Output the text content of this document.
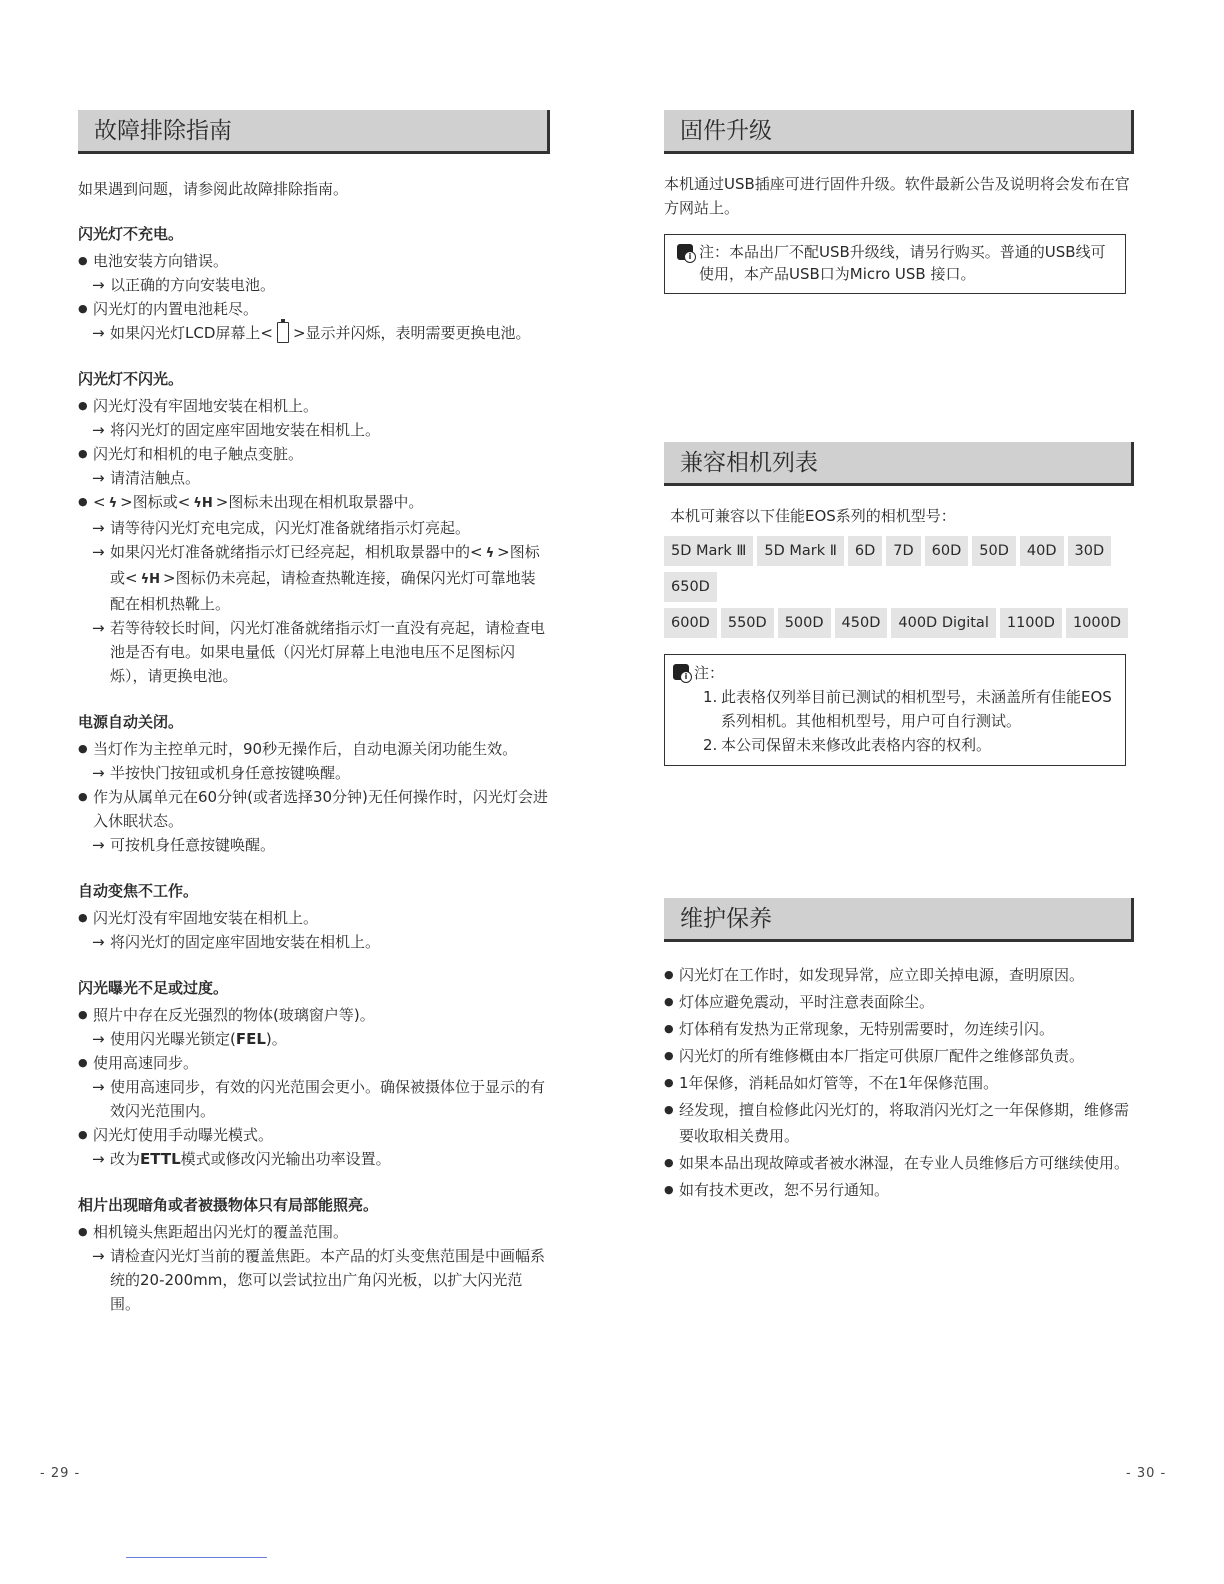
故障排除指南
如果遇到问题，请参阅此故障排除指南。
闪光灯不充电。
● 电池安装方向错误。
→ 以正确的方向安装电池。
● 闪光灯的内置电池耗尽。
→ 如果闪光灯LCD屏幕上< >显示并闪烁，表明需要更换电池。
闪光灯不闪光。
● 闪光灯没有牢固地安装在相机上。
→ 将闪光灯的固定座牢固地安装在相机上。
● 闪光灯和相机的电子触点变脏。
→ 请清洁触点。
● < ϟ >图标或< ϟH >图标未出现在相机取景器中。
→ 请等待闪光灯充电完成，闪光灯准备就绪指示灯亮起。
→ 如果闪光灯准备就绪指示灯已经亮起，相机取景器中的< ϟ >图标或< ϟH >图标仍未亮起，请检查热靴连接，确保闪光灯可靠地装配在相机热靴上。
→ 若等待较长时间，闪光灯准备就绪指示灯一直没有亮起，请检查电池是否有电。如果电量低（闪光灯屏幕上电池电压不足图标闪烁），请更换电池。
电源自动关闭。
● 当灯作为主控单元时，90秒无操作后，自动电源关闭功能生效。
→ 半按快门按钮或机身任意按键唤醒。
● 作为从属单元在60分钟(或者选择30分钟)无任何操作时，闪光灯会进入休眠状态。
→ 可按机身任意按键唤醒。
自动变焦不工作。
● 闪光灯没有牢固地安装在相机上。
→ 将闪光灯的固定座牢固地安装在相机上。
闪光曝光不足或过度。
● 照片中存在反光强烈的物体(玻璃窗户等)。
→ 使用闪光曝光锁定(FEL)。
● 使用高速同步。
→ 使用高速同步，有效的闪光范围会更小。确保被摄体位于显示的有效闪光范围内。
● 闪光灯使用手动曝光模式。
→ 改为ETTL模式或修改闪光输出功率设置。
相片出现暗角或者被摄物体只有局部能照亮。
● 相机镜头焦距超出闪光灯的覆盖范围。
→ 请检查闪光灯当前的覆盖焦距。本产品的灯头变焦范围是中画幅系统的20-200mm，您可以尝试拉出广角闪光板，以扩大闪光范围。
固件升级
本机通过USB插座可进行固件升级。软件最新公告及说明将会发布在官方网站上。
i
注：本品出厂不配USB升级线，请另行购买。普通的USB线可使用，本产品USB口为Micro USB 接口。
兼容相机列表
本机可兼容以下佳能EOS系列的相机型号：
5D Mark Ⅲ 5D Mark Ⅱ 6D 7D 60D 50D 40D 30D650D
600D 550D 500D 450D 400D Digital 1100D 1000D
i注：
1. 此表格仅列举目前已测试的相机型号，未涵盖所有佳能EOS系列相机。其他相机型号，用户可自行测试。
2. 本公司保留未来修改此表格内容的权利。
维护保养
● 闪光灯在工作时，如发现异常，应立即关掉电源，查明原因。
● 灯体应避免震动，平时注意表面除尘。
● 灯体稍有发热为正常现象，无特别需要时，勿连续引闪。
● 闪光灯的所有维修概由本厂指定可供原厂配件之维修部负责。
● 1年保修，消耗品如灯管等，不在1年保修范围。
● 经发现，擅自检修此闪光灯的，将取消闪光灯之一年保修期，维修需要收取相关费用。
● 如果本品出现故障或者被水淋湿，在专业人员维修后方可继续使用。
● 如有技术更改，恕不另行通知。
- 29 -	- 30 -
